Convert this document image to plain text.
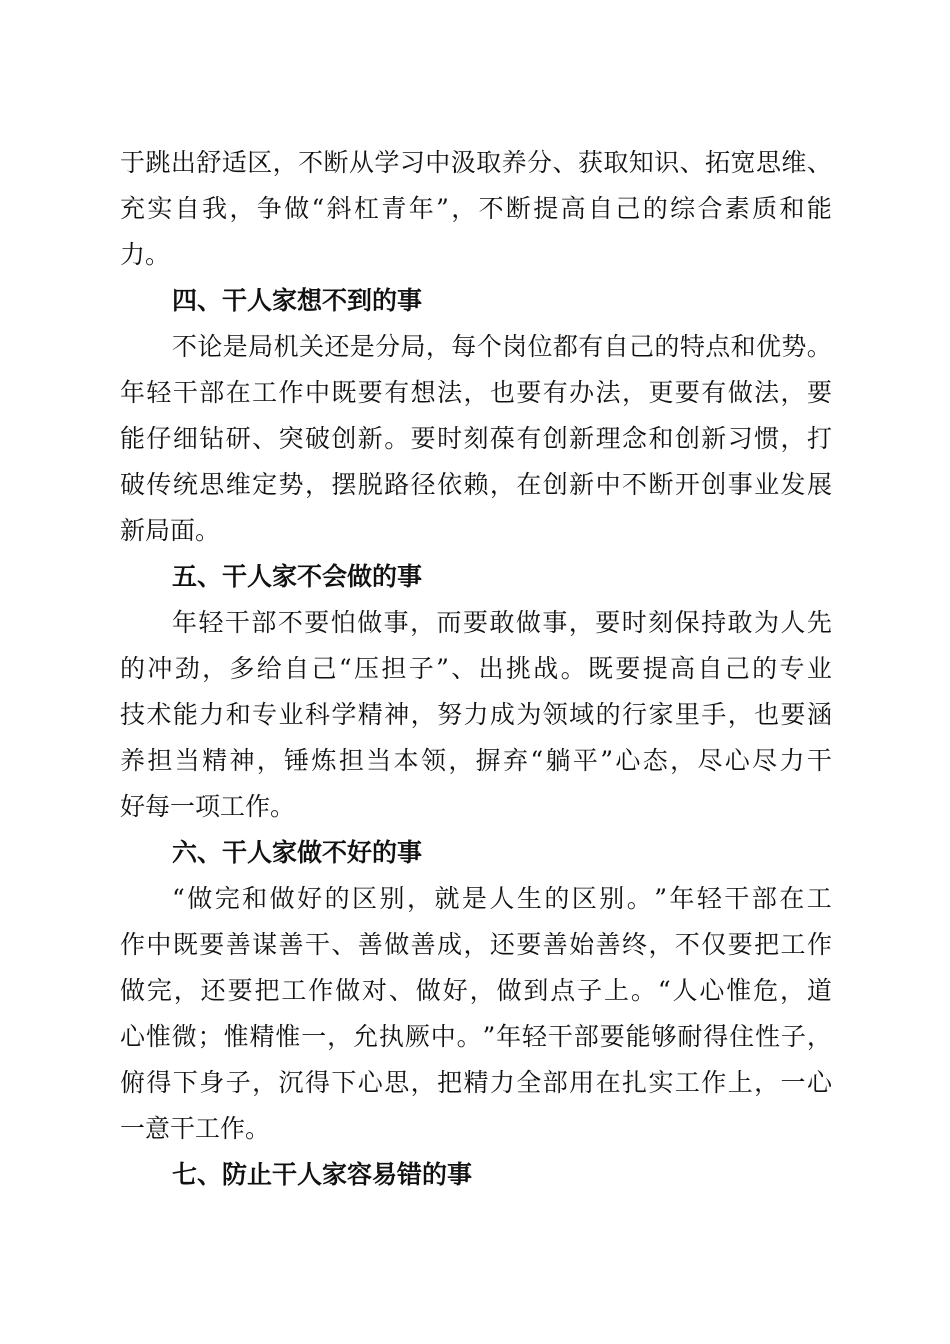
于 跳 出 舒 适 区 ， 不 断 从 学 习 中 汲 取 养 分 、 获 取 知 识 、 拓 宽 思 维 、

充 实 自 我 ， 争 做 “ 斜 杠 青 年 ” ， 不 断 提 高 自 己 的 综 合 素 质 和 能

力。

四、干人家想不到的事

不 论 是 局 机 关 还 是 分 局 ， 每 个 岗 位 都 有 自 己 的 特 点 和 优 势 。

年 轻 干 部 在 工 作 中 既 要 有 想 法 ， 也 要 有 办 法 ， 更 要 有 做 法 ， 要

能 仔 细 钻 研 、 突 破 创 新 。 要 时 刻 葆 有 创 新 理 念 和 创 新 习 惯 ， 打

破 传 统 思 维 定 势 ， 摆 脱 路 径 依 赖 ， 在 创 新 中 不 断 开 创 事 业 发 展

新局面。

五、干人家不会做的事

年 轻 干 部 不 要 怕 做 事 ， 而 要 敢 做 事 ， 要 时 刻 保 持 敢 为 人 先

的 冲 劲 ， 多 给 自 己 “ 压 担 子 ” 、 出 挑 战 。 既 要 提 高 自 己 的 专 业

技 术 能 力 和 专 业 科 学 精 神 ， 努 力 成 为 领 域 的 行 家 里 手 ， 也 要 涵

养 担 当 精 神 ， 锤 炼 担 当 本 领 ， 摒 弃 “ 躺 平 ” 心 态 ， 尽 心 尽 力 干

好每一项工作。

六、干人家做不好的事

“ 做 完 和 做 好 的 区 别 ， 就 是 人 生 的 区 别 。 ” 年 轻 干 部 在 工

作 中 既 要 善 谋 善 干 、 善 做 善 成 ， 还 要 善 始 善 终 ， 不 仅 要 把 工 作

做 完 ， 还 要 把 工 作 做 对 、 做 好 ， 做 到 点 子 上 。 “ 人 心 惟 危 ， 道

心 惟 微 ； 惟 精 惟 一 ， 允 执 厥 中 。 ” 年 轻 干 部 要 能 够 耐 得 住 性 子 ，

俯 得 下 身 子 ， 沉 得 下 心 思 ， 把 精 力 全 部 用 在 扎 实 工 作 上 ， 一 心

一意干工作。

七、防止干人家容易错的事
